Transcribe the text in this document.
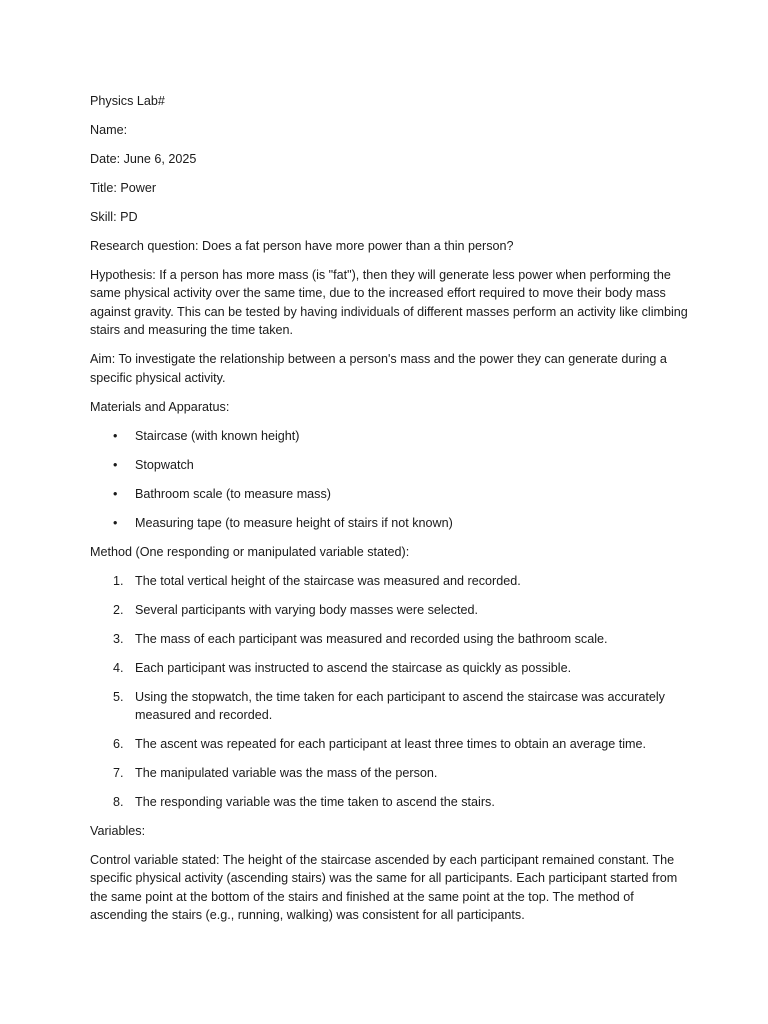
Physics Lab#

Name:

Date: June 6, 2025

Title: Power

Skill: PD

Research question: Does a fat person have more power than a thin person?

Hypothesis: If a person has more mass (is "fat"), then they will generate less power when performing the same physical activity over the same time, due to the increased effort required to move their body mass against gravity. This can be tested by having individuals of different masses perform an activity like climbing stairs and measuring the time taken.

Aim: To investigate the relationship between a person's mass and the power they can generate during a specific physical activity.

Materials and Apparatus:

• Staircase (with known height)
• Stopwatch
• Bathroom scale (to measure mass)
• Measuring tape (to measure height of stairs if not known)

Method (One responding or manipulated variable stated):

1. The total vertical height of the staircase was measured and recorded.
2. Several participants with varying body masses were selected.
3. The mass of each participant was measured and recorded using the bathroom scale.
4. Each participant was instructed to ascend the staircase as quickly as possible.
5. Using the stopwatch, the time taken for each participant to ascend the staircase was accurately measured and recorded.
6. The ascent was repeated for each participant at least three times to obtain an average time.
7. The manipulated variable was the mass of the person.
8. The responding variable was the time taken to ascend the stairs.

Variables:

Control variable stated: The height of the staircase ascended by each participant remained constant. The specific physical activity (ascending stairs) was the same for all participants. Each participant started from the same point at the bottom of the stairs and finished at the same point at the top. The method of ascending the stairs (e.g., running, walking) was consistent for all participants.
